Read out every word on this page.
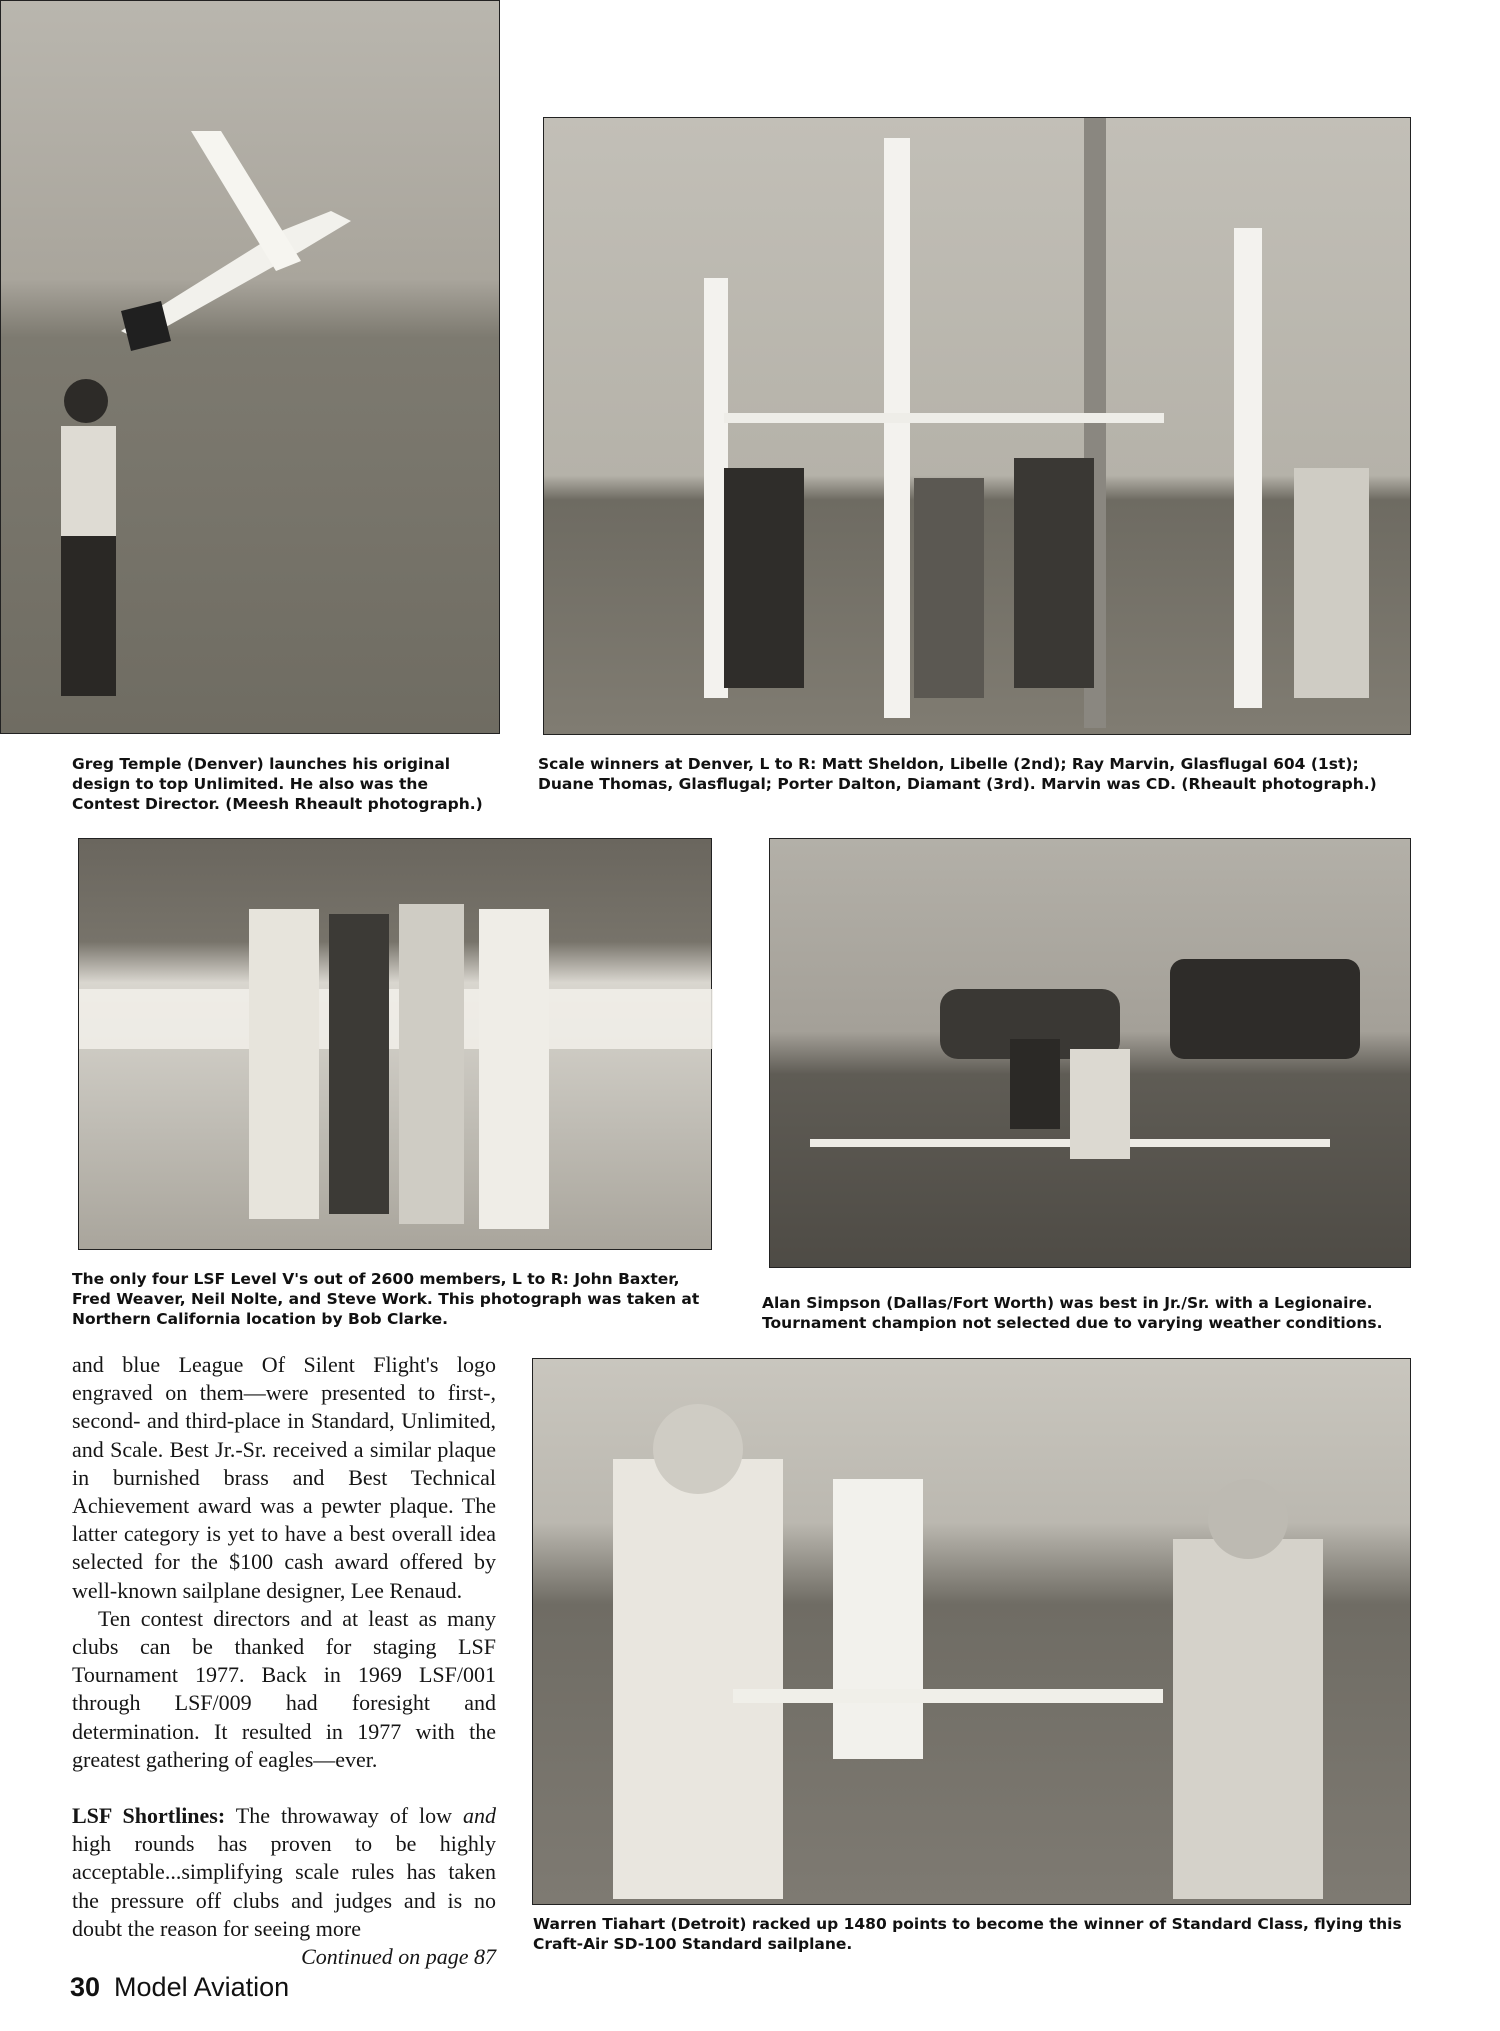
Greg Temple (Denver) launches his original design to top Unlimited. He also was the Contest Director. (Meesh Rheault photograph.)

Scale winners at Denver, L to R: Matt Sheldon, Libelle (2nd); Ray Marvin, Glasflugal 604 (1st); Duane Thomas, Glasflugal; Porter Dalton, Diamant (3rd). Marvin was CD. (Rheault photograph.)

The only four LSF Level V's out of 2600 members, L to R: John Baxter, Fred Weaver, Neil Nolte, and Steve Work. This photograph was taken at Northern California location by Bob Clarke.

Alan Simpson (Dallas/Fort Worth) was best in Jr./Sr. with a Legionaire. Tournament champion not selected due to varying weather conditions.

and blue League Of Silent Flight's logo engraved on them—were presented to first-, second- and third-place in Standard, Unlimited, and Scale. Best Jr.-Sr. received a similar plaque in burnished brass and Best Technical Achievement award was a pewter plaque. The latter category is yet to have a best overall idea selected for the $100 cash award offered by well-known sailplane designer, Lee Renaud.

Ten contest directors and at least as many clubs can be thanked for staging LSF Tournament 1977. Back in 1969 LSF/001 through LSF/009 had foresight and determination. It resulted in 1977 with the greatest gathering of eagles—ever.

LSF Shortlines: The throwaway of low and high rounds has proven to be highly acceptable...simplifying scale rules has taken the pressure off clubs and judges and is no doubt the reason for seeing more

Continued on page 87

Warren Tiahart (Detroit) racked up 1480 points to become the winner of Standard Class, flying this Craft-Air SD-100 Standard sailplane.

30 Model Aviation
